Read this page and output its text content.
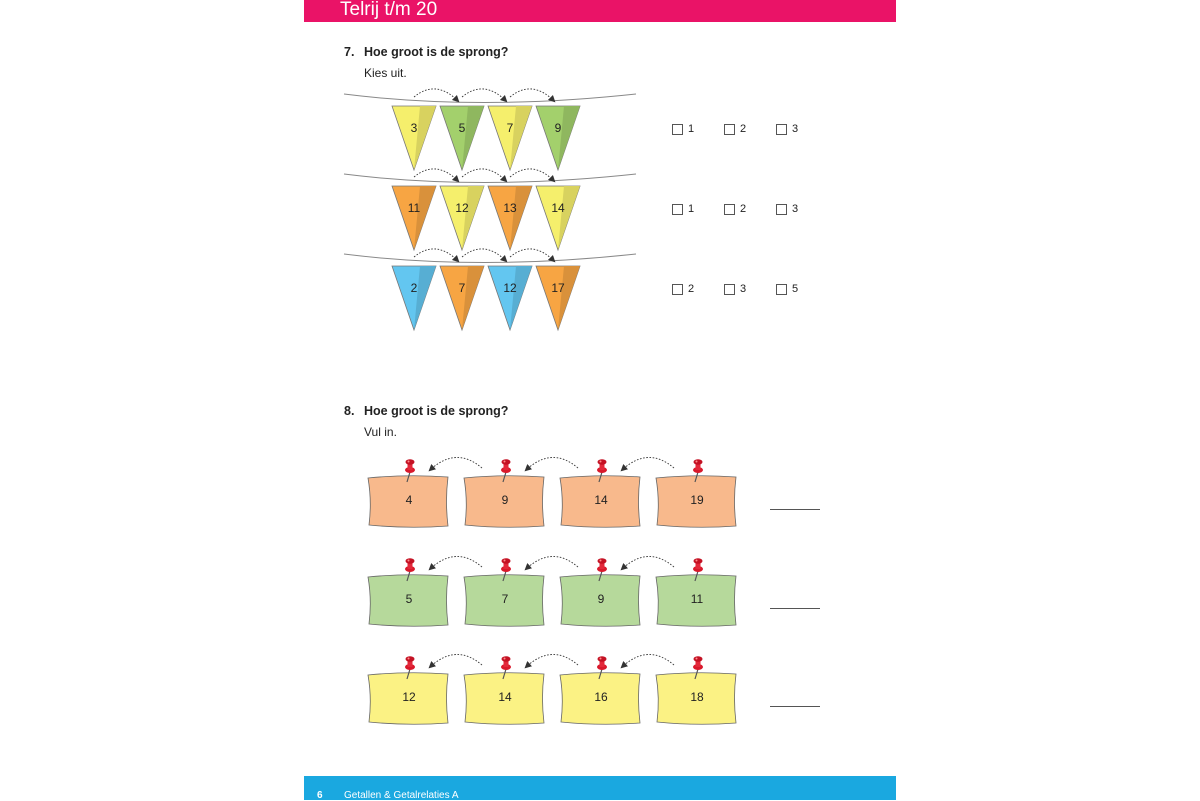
Telrij t/m 20
7. Hoe groot is de sprong?
Kies uit.
8. Hoe groot is de sprong?
Vul in.
3	5	7	9
11	12	13	14
2	7	12	17
4	9	14	19
5	7	9	11
12	14	16	18
1	2	3
1	2	3
2	3	5
6 Getallen & Getalrelaties A
